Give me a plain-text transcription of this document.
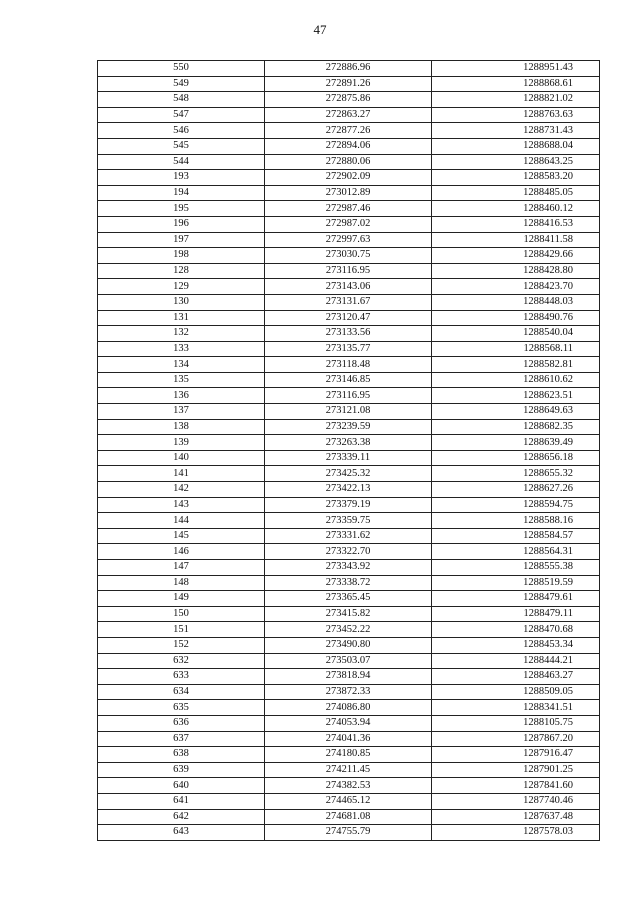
47
550	272886.96	1288951.43
549	272891.26	1288868.61
548	272875.86	1288821.02
547	272863.27	1288763.63
546	272877.26	1288731.43
545	272894.06	1288688.04
544	272880.06	1288643.25
193	272902.09	1288583.20
194	273012.89	1288485.05
195	272987.46	1288460.12
196	272987.02	1288416.53
197	272997.63	1288411.58
198	273030.75	1288429.66
128	273116.95	1288428.80
129	273143.06	1288423.70
130	273131.67	1288448.03
131	273120.47	1288490.76
132	273133.56	1288540.04
133	273135.77	1288568.11
134	273118.48	1288582.81
135	273146.85	1288610.62
136	273116.95	1288623.51
137	273121.08	1288649.63
138	273239.59	1288682.35
139	273263.38	1288639.49
140	273339.11	1288656.18
141	273425.32	1288655.32
142	273422.13	1288627.26
143	273379.19	1288594.75
144	273359.75	1288588.16
145	273331.62	1288584.57
146	273322.70	1288564.31
147	273343.92	1288555.38
148	273338.72	1288519.59
149	273365.45	1288479.61
150	273415.82	1288479.11
151	273452.22	1288470.68
152	273490.80	1288453.34
632	273503.07	1288444.21
633	273818.94	1288463.27
634	273872.33	1288509.05
635	274086.80	1288341.51
636	274053.94	1288105.75
637	274041.36	1287867.20
638	274180.85	1287916.47
639	274211.45	1287901.25
640	274382.53	1287841.60
641	274465.12	1287740.46
642	274681.08	1287637.48
643	274755.79	1287578.03
